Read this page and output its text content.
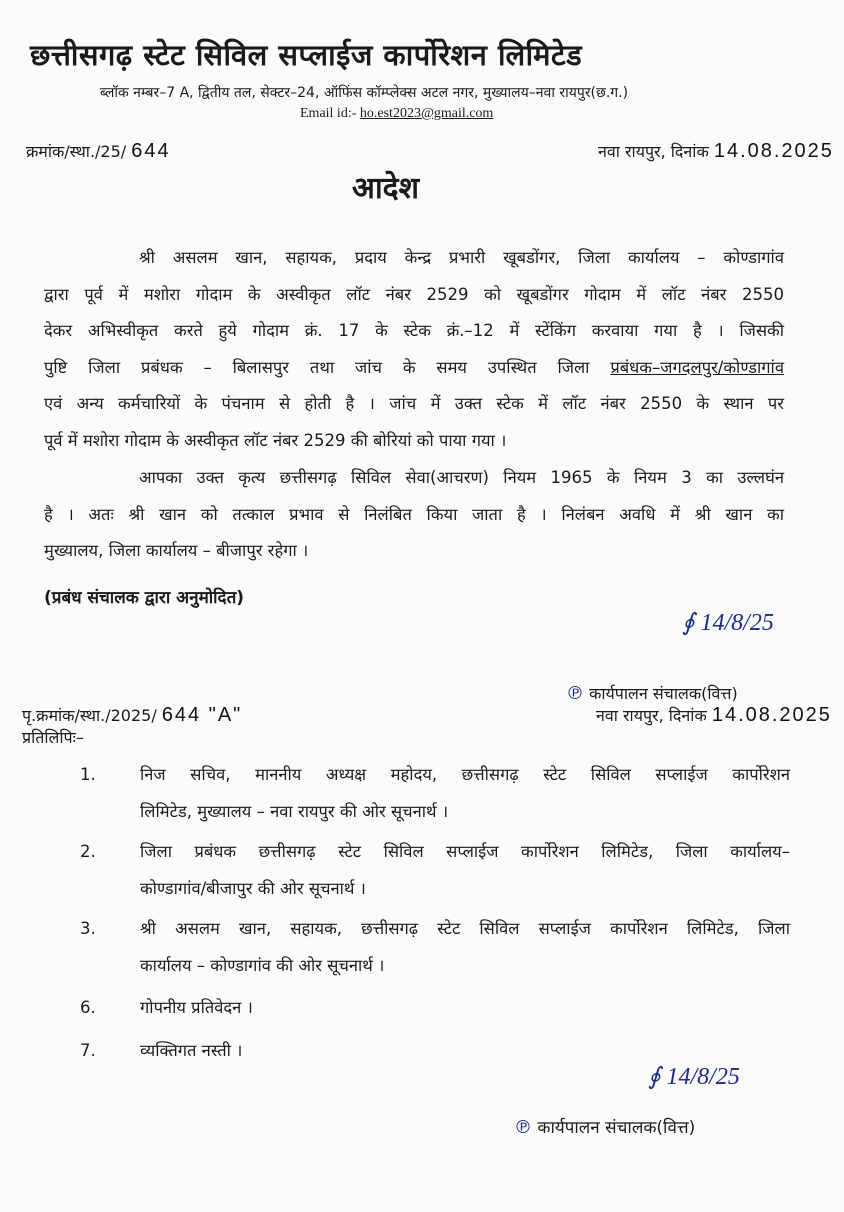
छत्तीसगढ़ स्टेट सिविल सप्लाईज कार्पोरेशन लिमिटेड
ब्लॉक नम्बर–7 A, द्वितीय तल, सेक्टर–24, ऑफिंस कॉम्प्लेक्स अटल नगर, मुख्यालय–नवा रायपुर(छ.ग.)
Email id:- ho.est2023@gmail.com
क्रमांक/स्था./25/ 644	नवा रायपुर, दिनांक 14.08.2025
आदेश
श्री असलम खान, सहायक, प्रदाय केन्द्र प्रभारी खूबडोंगर, जिला कार्यालय – कोण्डागांव
द्वारा पूर्व में मशोरा गोदाम के अस्वीकृत लॉट नंबर 2529 को खूबडोंगर गोदाम में लॉट नंबर 2550
देकर अभिस्वीकृत करते हुये गोदाम क्रं. 17 के स्टेक क्रं.–12 में स्टेंकिंग करवाया गया है । जिसकी
पुष्टि जिला प्रबंधक – बिलासपुर तथा जांच के समय उपस्थित जिला प्रबंधक–जगदलपुर/कोण्डागांव
एवं अन्य कर्मचारियों के पंचनाम से होती है । जांच में उक्त स्टेक में लॉट नंबर 2550 के स्थान पर
पूर्व में मशोरा गोदाम के अस्वीकृत लॉट नंबर 2529 की बोरियां को पाया गया ।
आपका उक्त कृत्य छत्तीसगढ़ सिविल सेवा(आचरण) नियम 1965 के नियम 3 का उल्लघंन
है । अतः श्री खान को तत्काल प्रभाव से निलंबित किया जाता है । निलंबन अवधि में श्री खान का
मुख्यालय, जिला कार्यालय – बीजापुर रहेगा ।
(प्रबंध संचालक द्वारा अनुमोदित)
∮ 14/8/25
℗ कार्यपालन संचालक(वित्त)
नवा रायपुर, दिनांक 14.08.2025
पृ.क्रमांक/स्था./2025/ 644 "A"
प्रतिलिपिः–
1.	निज सचिव, माननीय अध्यक्ष महोदय, छत्तीसगढ़ स्टेट सिविल सप्लाईज कार्पोरेशन
लिमिटेड, मुख्यालय – नवा रायपुर की ओर सूचनार्थ ।
2.	जिला प्रबंधक छत्तीसगढ़ स्टेट सिविल सप्लाईज कार्पोरेशन लिमिटेड, जिला कार्यालय–
कोण्डागांव/बीजापुर की ओर सूचनार्थ ।
3.	श्री असलम खान, सहायक, छत्तीसगढ़ स्टेट सिविल सप्लाईज कार्पोरेशन लिमिटेड, जिला
कार्यालय – कोण्डागांव की ओर सूचनार्थ ।
6.	गोपनीय प्रतिवेदन ।
7.	व्यक्तिगत नस्ती ।
∮ 14/8/25
℗ कार्यपालन संचालक(वित्त)
